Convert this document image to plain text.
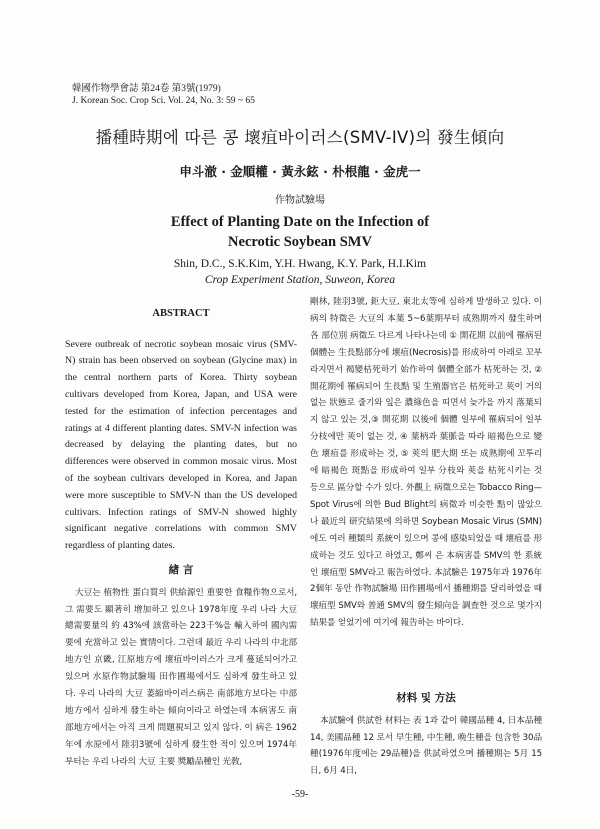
韓國作物學會誌 第24卷 第3號(1979)
J. Korean Soc. Crop Sci. Vol. 24, No. 3: 59 ~ 65
播種時期에 따른 콩 壞疽바이러스(SMV-IV)의 發生傾向
申斗澈 · 金順權 · 黃永鉉 · 朴根龍 · 金虎一
作物試驗場
Effect of Planting Date on the Infection of
Necrotic Soybean SMV
Shin, D.C., S.K.Kim, Y.H. Hwang, K.Y. Park, H.I.Kim
Crop Experiment Station, Suweon, Korea
ABSTRACT

Severe outbreak of necrotic soybean mosaic virus (SMV-N) strain has been observed on soybean (Glycine max) in the central northern parts of Korea. Thirty soybean cultivars developed from Korea, Japan, and USA were tested for the estimation of infection percentages and ratings at 4 different planting dates. SMV-N infection was decreased by delaying the planting dates, but no differences were observed in common mosaic virus. Most of the soybean cultivars developed in Korea, and Japan were more susceptible to SMV-N than the US developed cultivars. Infection ratings of SMV-N showed highly significant negative correlations with common SMV regardless of planting dates.

緖 言

大豆는 植物性 蛋白質의 供給源인 重要한 食糧作物으로서, 그 需要도 顯著히 增加하고 있으나 1978年度 우리 나라 大豆 總需要量의 約 43%에 該當하는 223千%을 輸入하여 國內需要에 充當하고 있는 實情이다. 그런데 最近 우리 나라의 中北部地方인 京畿, 江原地方에 壞疽바이러스가 크게 蔓延되어가고 있으며 水原作物試驗場 田作圃場에서도 심하게 發生하고 있다. 우리 나라의 大豆 萎縮바이러스病은 南部地方보다는 中部地方에서 심하게 發生하는 傾向이라고 하였는데 本病害도 南部地方에서는 아직 크게 問題視되고 있지 않다. 이 病은 1962年에 水原에서 陸羽3號에 심하게 發生한 적이 있으며 1974年부터는 우리 나라의 大豆 主要 獎勵品種인 光敎,

剛林, 陸羽3號, 鉅大豆, 東北太等에 심하게 발생하고 있다. 이 病의 特徵은 大豆의 本葉 5~6葉期부터 成熟期까지 發生하며 各 部位別 病徵도 다르게 나타나는데 ① 開花期 以前에 罹病된 個體는 生長點部分에 壞疽(Necrosis)를 形成하여 아래로 꼬부라지면서 褐變枯死하기 始作하여 個體全部가 枯死하는 것, ② 開花期에 罹病되어 生長點 및 生殖器官은 枯死하고 莢이 거의 없는 狀態로 줄기와 잎은 濃綠色을 띠면서 늦가을 까지 落葉되지 않고 있는 것,③ 開花期 以後에 個體 일부에 罹病되어 일부 分枝에만 莢이 없는 것, ④ 葉柄과 葉脈을 따라 暗褐色으로 變色 壞疽를 形成하는 것, ⑤ 莢의 肥大期 또는 成熟期에 꼬투리에 暗褐色 斑點을 形成하여 일부 分枝와 莢을 枯死시키는 것 등으로 區分할 수가 있다. 外觀上 病徵으로는 Tobacco Ring—Spot Virus에 의한 Bud Blight의 病徵과 비슷한 點이 많았으나 最近의 研究結果에 의하면 Soybean Mosaic Virus (SMN)에도 여러 種類의 系統이 있으며 콩에 感染되었을 때 壞疽를 形成하는 것도 있다고 하였고, 鄭씨 은 本病害를 SMV의 한 系統인 壞疽型 SMV라고 報告하였다. 本試驗은 1975年과 1976年 2個年 동안 作物試驗場 田作圃場에서 播種期를 달리하였을 때 壞疽型 SMV와 普通 SMV의 發生傾向을 調査한 것으로 몇가지 結果를 얻었기에 여기에 報告하는 바이다.

材料 및 方法

本試驗에 供試한 材料는 表 1과 같이 韓國品種 4, 日本品種 14, 美國品種 12 로서 早生種, 中生種, 晩生種을 包含한 30品種(1976年度에는 29品種)을 供試하였으며 播種期는 5月 15日, 6月 4日,

-59-
